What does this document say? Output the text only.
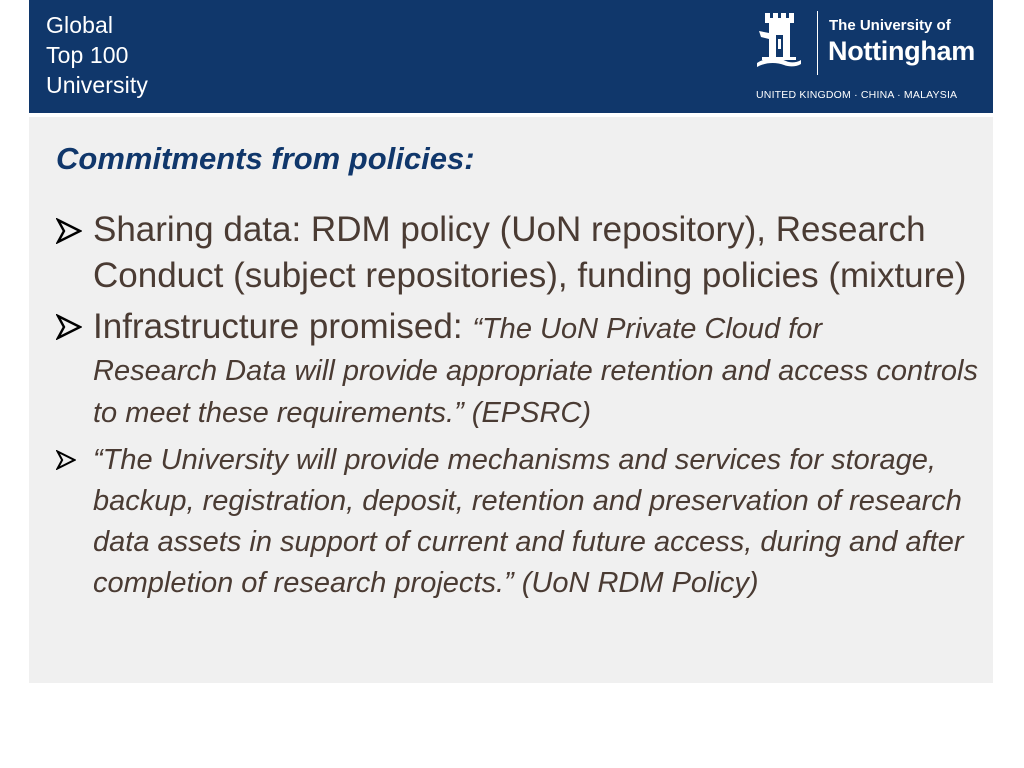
Global
Top 100
University
The University of
Nottingham
UNITED KINGDOM · CHINA · MALAYSIA
Commitments from policies:
Sharing data: RDM policy (UoN repository), Research Conduct (subject repositories), funding policies (mixture)
Infrastructure promised: “The UoN Private Cloud for
Research Data will provide appropriate retention and access controls to meet these requirements.” (EPSRC)
“The University will provide mechanisms and services for storage, backup, registration, deposit, retention and preservation of research data assets in support of current and future access, during and after completion of research projects.” (UoN RDM Policy)
